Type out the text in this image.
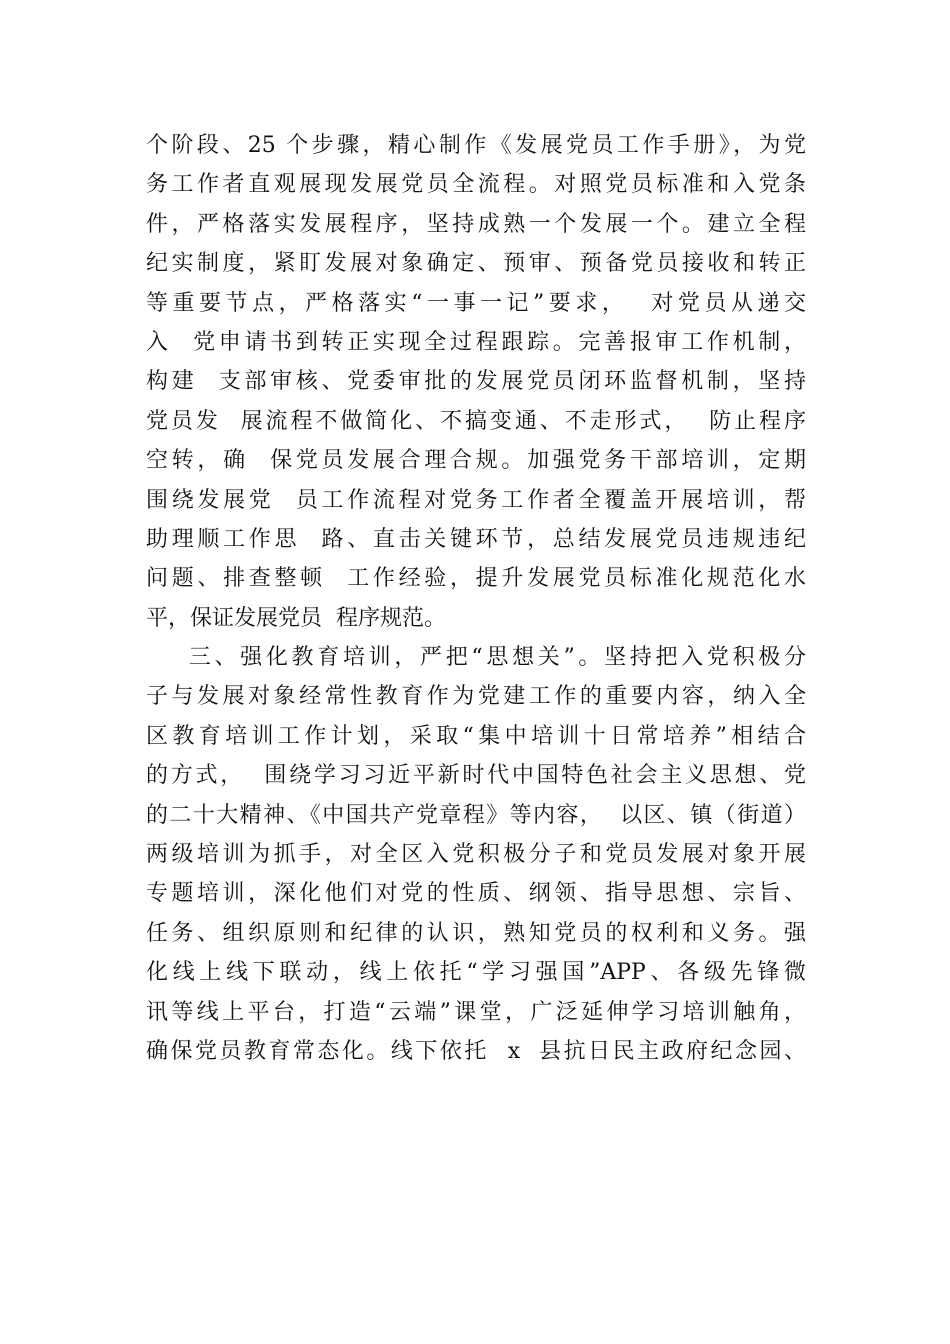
个阶段、25 个步骤，精心制作《发展党员工作手册》，为党
务工作者直观展现发展党员全流程。对照党员标准和入党条
件，严格落实发展程序，坚持成熟一个发展一个。建立全程
纪实制度，紧盯发展对象确定、预审、预备党员接收和转正
等重要节点，严格落实“一事一记”要求，  对党员从递交
入  党申请书到转正实现全过程跟踪。完善报审工作机制，
构建  支部审核、党委审批的发展党员闭环监督机制，坚持
党员发  展流程不做简化、不搞变通、不走形式，  防止程序
空转，确  保党员发展合理合规。加强党务干部培训，定期
围绕发展党  员工作流程对党务工作者全覆盖开展培训，帮
助理顺工作思  路、直击关键环节，总结发展党员违规违纪
问题、排查整顿  工作经验，提升发展党员标准化规范化水
平，保证发展党员  程序规范。
三、强化教育培训，严把“思想关”。坚持把入党积极分
子与发展对象经常性教育作为党建工作的重要内容，纳入全
区教育培训工作计划，采取“集中培训十日常培养”相结合
的方式，  围绕学习习近平新时代中国特色社会主义思想、党
的二十大精神、《中国共产党章程》等内容，  以区、镇（街道）
两级培训为抓手，对全区入党积极分子和党员发展对象开展
专题培训，深化他们对党的性质、纲领、指导思想、宗旨、
任务、组织原则和纪律的认识，熟知党员的权利和义务。强
化线上线下联动，线上依托“学习强国”APP、各级先锋微
讯等线上平台，打造“云端”课堂，广泛延伸学习培训触角，
确保党员教育常态化。线下依托  x  县抗日民主政府纪念园、
